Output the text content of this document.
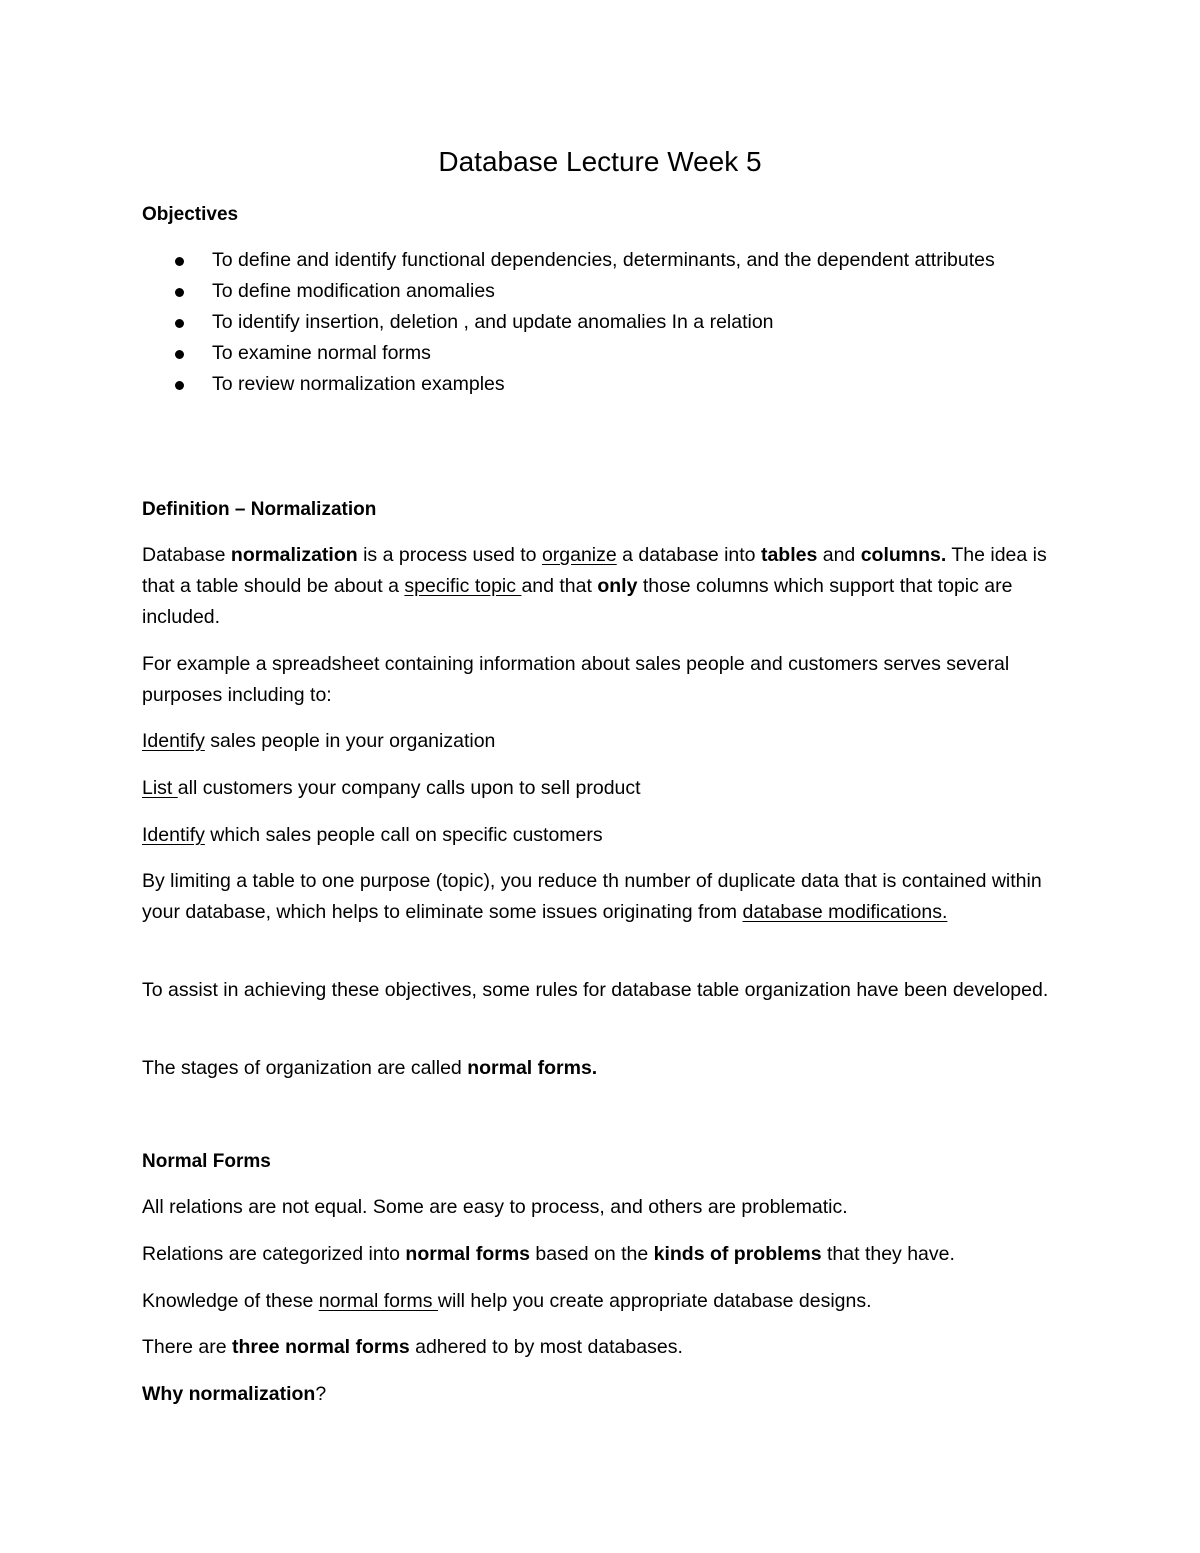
Database Lecture Week 5
Objectives
To define and identify functional dependencies, determinants, and the dependent attributes
To define modification anomalies
To identify insertion, deletion , and update anomalies In a relation
To examine normal forms
To review normalization examples
Definition – Normalization
Database normalization is a process used to organize a database into tables and columns. The idea is that a table should be about a specific topic and that only those columns which support that topic are included.
For example a spreadsheet containing information about sales people and customers serves several purposes including to:
Identify sales people in your organization
List all customers your company calls upon to sell product
Identify which sales people call on specific customers
By limiting a table to one purpose (topic), you reduce th number of duplicate data that is contained within your database, which helps to eliminate some issues originating from database modifications.
To assist in achieving these objectives, some rules for database table organization have been developed.
The stages of organization are called normal forms.
Normal Forms
All relations are not equal. Some are easy to process, and others are problematic.
Relations are categorized into normal forms based on the kinds of problems that they have.
Knowledge of these normal forms will help you create appropriate database designs.
There are three normal forms adhered to by most databases.
Why normalization?
